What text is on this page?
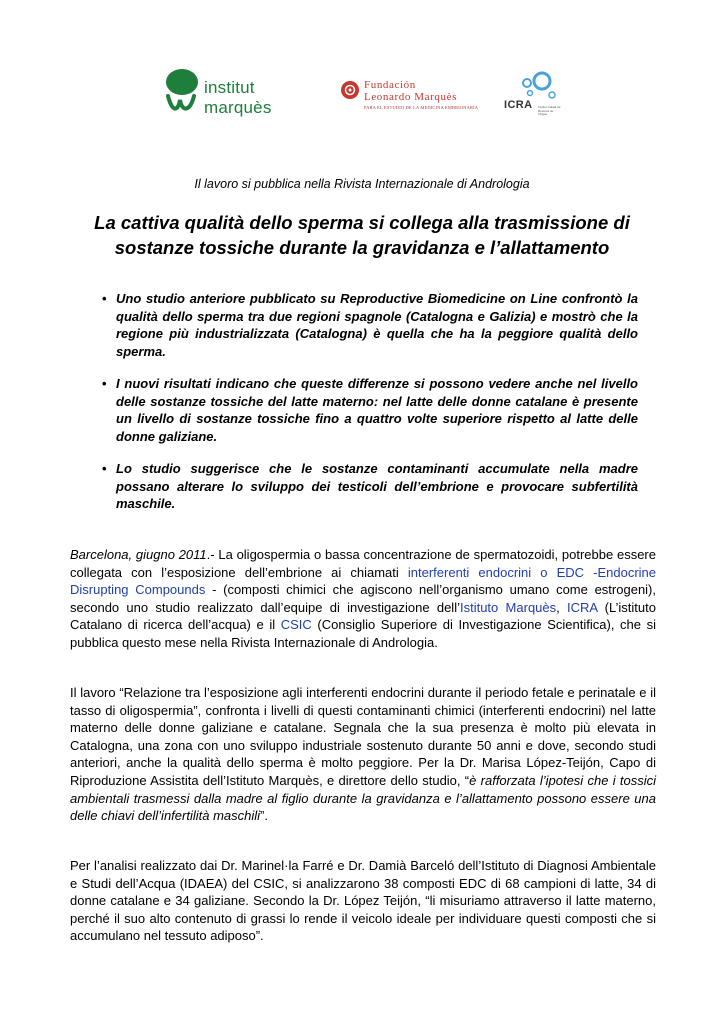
institut marquès
Fundación
Leonardo Marquès
PARA EL ESTUDIO DE LA MEDICINA EMBRIONARIA ICRA Institut Català de Recerca de l'Aigua
Il lavoro si pubblica nella Rivista Internazionale di Andrologia
La cattiva qualità dello sperma si collega alla trasmissione di sostanze tossiche durante la gravidanza e l’allattamento
• Uno studio anteriore pubblicato su Reproductive Biomedicine on Line confrontò la qualità dello sperma tra due regioni spagnole (Catalogna e Galizia) e mostrò che la regione più industrializzata (Catalogna) è quella che ha la peggiore qualità dello sperma.
• I nuovi risultati indicano che queste differenze si possono vedere anche nel livello delle sostanze tossiche del latte materno: nel latte delle donne catalane è presente un livello di sostanze tossiche fino a quattro volte superiore rispetto al latte delle donne galiziane.
• Lo studio suggerisce che le sostanze contaminanti accumulate nella madre possano alterare lo sviluppo dei testicoli dell’embrione e provocare subfertilità maschile.

Barcelona, giugno 2011.- La oligospermia o bassa concentrazione de spermatozoidi, potrebbe essere collegata con l’esposizione dell’embrione ai chiamati interferenti endocrini o EDC -Endocrine Disrupting Compounds - (composti chimici che agiscono nell’organismo umano come estrogeni), secondo uno studio realizzato dall’equipe di investigazione dell’Istituto Marquès, ICRA (L’istituto Catalano di ricerca dell’acqua) e il CSIC (Consiglio Superiore di Investigazione Scientifica), che si pubblica questo mese nella Rivista Internazionale di Andrologia.

Il lavoro “Relazione tra l’esposizione agli interferenti endocrini durante il periodo fetale e perinatale e il tasso di oligospermia”, confronta i livelli di questi contaminanti chimici (interferenti endocrini) nel latte materno delle donne galiziane e catalane. Segnala che la sua presenza è molto più elevata in Catalogna, una zona con uno sviluppo industriale sostenuto durante 50 anni e dove, secondo studi anteriori, anche la qualità dello sperma è molto peggiore. Per la Dr. Marisa López-Teijón, Capo di Riproduzione Assistita dell’Istituto Marquès, e direttore dello studio, “è rafforzata l’ipotesi che i tossici ambientali trasmessi dalla madre al figlio durante la gravidanza e l’allattamento possono essere una delle chiavi dell’infertilità maschili”.

Per l’analisi realizzato dai Dr. Marinel·la Farré e Dr. Damià Barceló dell’Istituto di Diagnosi Ambientale e Studi dell’Acqua (IDAEA) del CSIC, si analizzarono 38 composti EDC di 68 campioni di latte, 34 di donne catalane e 34 galiziane. Secondo la Dr. López Teijón, “li misuriamo attraverso il latte materno, perché il suo alto contenuto di grassi lo rende il veicolo ideale per individuare questi composti che si accumulano nel tessuto adiposo”.
